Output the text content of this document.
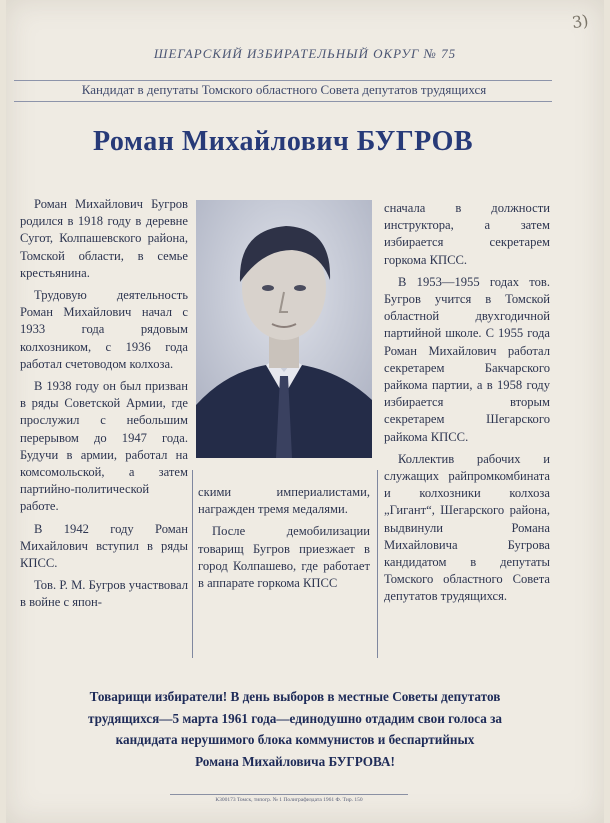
3)
ШЕГАРСКИЙ ИЗБИРАТЕЛЬНЫЙ ОКРУГ № 75
Кандидат в депутаты Томского областного Совета депутатов трудящихся
Роман Михайлович БУГРОВ

Роман Михайлович Бугров родился в 1918 году в деревне Сугот, Колпашевского района, Томской области, в семье крестьянина.

Трудовую деятельность Роман Михайлович начал с 1933 года рядовым колхозником, с 1936 года работал счетоводом колхоза.

В 1938 году он был призван в ряды Советской Армии, где прослужил с небольшим перерывом до 1947 года. Будучи в армии, работал на комсомольской, а затем партийно-политической работе.

В 1942 году Роман Михайлович вступил в ряды КПСС.

Тов. Р. М. Бугров участвовал в войне с япон-

скими империалистами, награжден тремя медалями.

После демобилизации товарищ Бугров приезжает в город Колпашево, где работает в аппарате горкома КПСС

сначала в должности инструктора, а затем избирается секретарем горкома КПСС.

В 1953—1955 годах тов. Бугров учится в Томской областной двухгодичной партийной школе. С 1955 года Роман Михайлович работал секретарем Бакчарского райкома партии, а в 1958 году избирается вторым секретарем Шегарского райкома КПСС.

Коллектив рабочих и служащих райпромкомбината и колхозники колхоза „Гигант“, Шегарского района, выдвинули Романа Михайловича Бугрова кандидатом в депутаты Томского областного Совета депутатов трудящихся.

Товарищи избиратели! В день выборов в местные Советы депутатов
трудящихся—5 марта 1961 года—единодушно отдадим свои голоса за
кандидата нерушимого блока коммунистов и беспартийных
Романа Михайловича БУГРОВА!
К300173 Томск, типогр. № 1 Полиграфиздата 1961 Ф. Тир. 150
